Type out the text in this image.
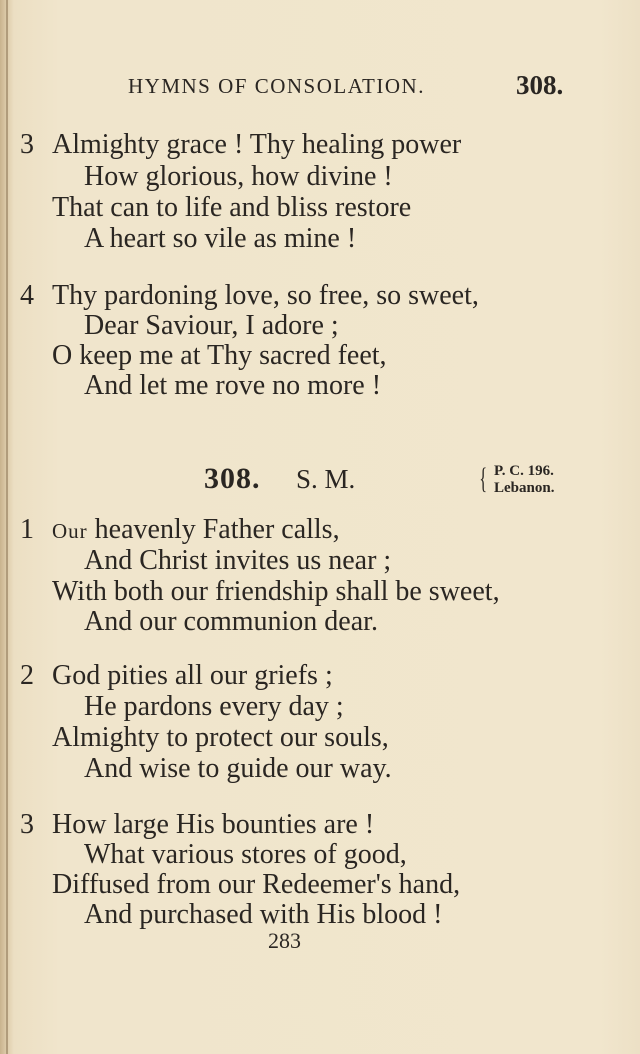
HYMNS OF CONSOLATION.	308.
3 Almighty grace ! Thy healing power
How glorious, how divine !
That can to life and bliss restore
A heart so vile as mine !
4 Thy pardoning love, so free, so sweet,
Dear Saviour, I adore ;
O keep me at Thy sacred feet,
And let me rove no more !
308. S. M.	{ P. C. 196.
Lebanon.
1 Our heavenly Father calls,
And Christ invites us near ;
With both our friendship shall be sweet,
And our communion dear.
2 God pities all our griefs ;
He pardons every day ;
Almighty to protect our souls,
And wise to guide our way.
3 How large His bounties are !
What various stores of good,
Diffused from our Redeemer's hand,
And purchased with His blood !
283
